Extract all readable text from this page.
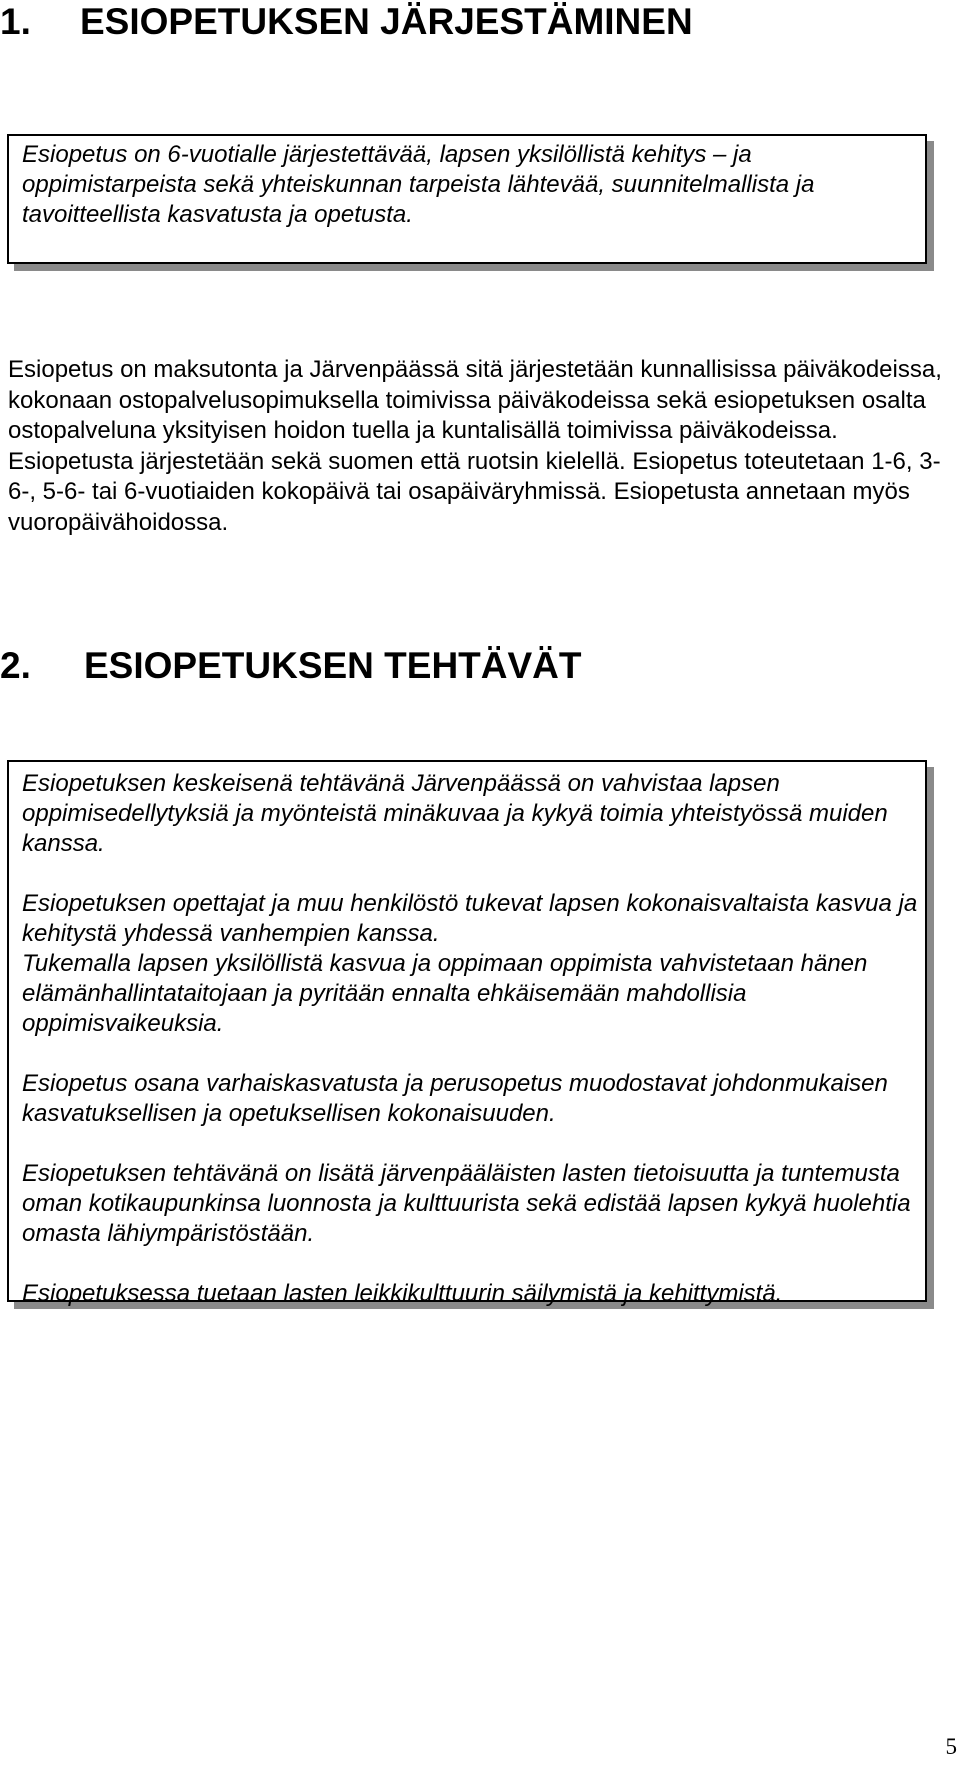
1. ESIOPETUKSEN JÄRJESTÄMINEN

Esiopetus on 6-vuotialle järjestettävää, lapsen yksilöllistä kehitys – ja oppimistarpeista sekä yhteiskunnan tarpeista lähtevää, suunnitelmallista ja tavoitteellista kasvatusta ja opetusta.

Esiopetus on maksutonta ja Järvenpäässä sitä järjestetään kunnallisissa päiväkodeissa, kokonaan ostopalvelusopimuksella toimivissa päiväkodeissa sekä esiopetuksen osalta ostopalveluna yksityisen hoidon tuella ja kuntalisällä toimivissa päiväkodeissa. Esiopetusta järjestetään sekä suomen että ruotsin kielellä. Esiopetus toteutetaan 1-6, 3-6-, 5-6- tai 6-vuotiaiden kokopäivä tai osapäiväryhmissä. Esiopetusta annetaan myös vuoropäivähoidossa.

2. ESIOPETUKSEN TEHTÄVÄT

Esiopetuksen keskeisenä tehtävänä Järvenpäässä on vahvistaa lapsen oppimisedellytyksiä ja myönteistä minäkuvaa ja kykyä toimia yhteistyössä muiden kanssa.

Esiopetuksen opettajat ja muu henkilöstö tukevat lapsen kokonaisvaltaista kasvua ja kehitystä yhdessä vanhempien kanssa.

Tukemalla lapsen yksilöllistä kasvua ja oppimaan oppimista vahvistetaan hänen elämänhallintataitojaan ja pyritään ennalta ehkäisemään mahdollisia oppimisvaikeuksia.

Esiopetus osana varhaiskasvatusta ja perusopetus muodostavat johdonmukaisen kasvatuksellisen ja opetuksellisen kokonaisuuden.

Esiopetuksen tehtävänä on lisätä järvenpääläisten lasten tietoisuutta ja tuntemusta oman kotikaupunkinsa luonnosta ja kulttuurista sekä edistää lapsen kykyä huolehtia omasta lähiympäristöstään.

Esiopetuksessa tuetaan lasten leikkikulttuurin säilymistä ja kehittymistä.

5
